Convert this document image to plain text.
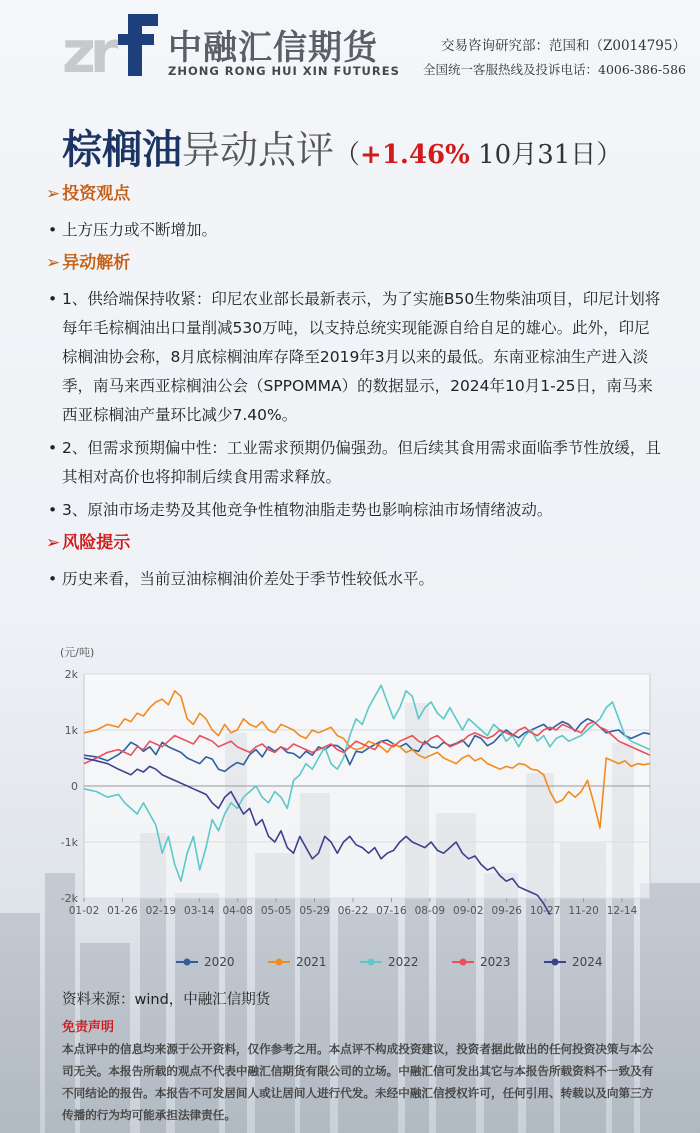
zr 中融汇信期货
ZHONG RONG HUI XIN FUTURES
交易咨询研究部：范国和（Z0014795）
全国统一客服热线及投诉电话：4006-386-586
棕榈油异动点评（+1.46% 10月31日）
➢ 投资观点
• 上方压力或不断增加。
➢ 异动解析
• 1、供给端保持收紧：印尼农业部长最新表示，为了实施B50生物柴油项目，印尼计划将每年毛棕榈油出口量削减530万吨，以支持总统实现能源自给自足的雄心。此外，印尼棕榈油协会称，8月底棕榈油库存降至2019年3月以来的最低。东南亚棕油生产进入淡季，南马来西亚棕榈油公会（SPPOMMA）的数据显示，2024年10月1-25日，南马来西亚棕榈油产量环比减少7.40%。
• 2、但需求预期偏中性：工业需求预期仍偏强劲。但后续其食用需求面临季节性放缓，且其相对高价也将抑制后续食用需求释放。
• 3、原油市场走势及其他竞争性植物油脂走势也影响棕油市场情绪波动。
➢ 风险提示
• 历史来看，当前豆油棕榈油价差处于季节性较低水平。
(元/吨)
2k
1k
0
-1k
-2k
01-02 01-26 02-19 03-14 04-08 05-05 05-29 06-22 07-16 08-09 09-02 09-26 10-27 11-20 12-14
2020	2021	2022	2023	2024
资料来源：wind，中融汇信期货
免责声明
本点评中的信息均来源于公开资料，仅作参考之用。本点评不构成投资建议，投资者据此做出的任何投资决策与本公司无关。本报告所载的观点不代表中融汇信期货有限公司的立场。中融汇信可发出其它与本报告所载资料不一致及有不同结论的报告。本报告不可发居间人或让居间人进行代发。未经中融汇信授权许可，任何引用、转载以及向第三方传播的行为均可能承担法律责任。
